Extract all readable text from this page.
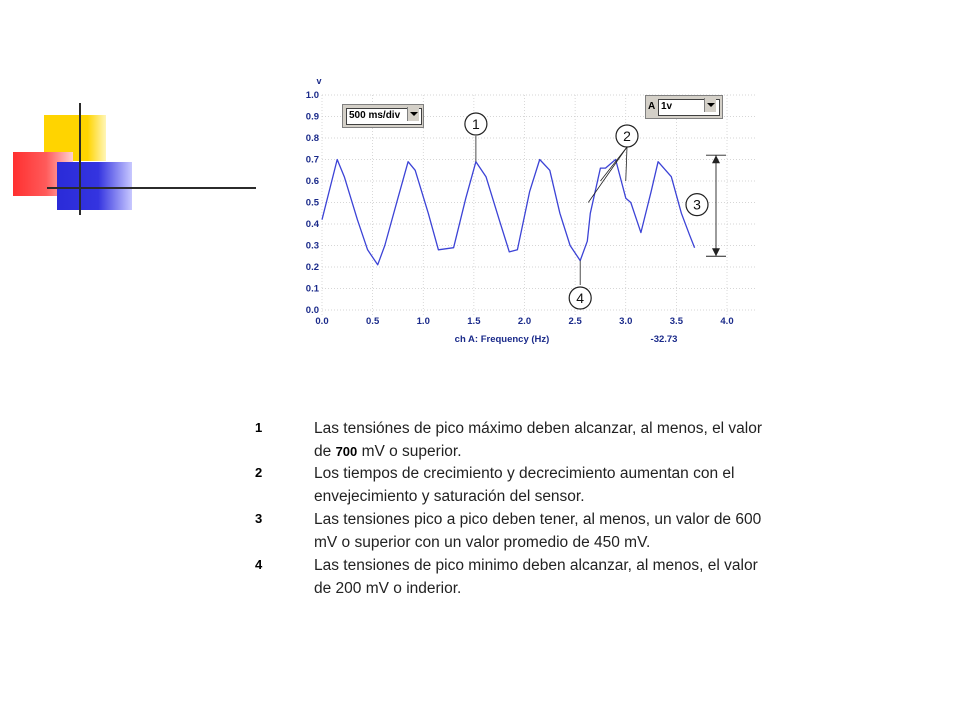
1.0
0.9
0.8
0.7
0.6
0.5
0.4
0.3
0.2
0.1
0.0
0.0	0.5	1.0	1.5	2.0	2.5	3.0	3.5	4.0
v
ch A: Frequency (Hz)	-32.73
1
2
3
4
500 ms/div
A 1v
1	Las tensiónes de pico máximo deben alcanzar, al menos, el valor de 700 mV o superior.
2	Los tiempos de crecimiento y decrecimiento aumentan con el envejecimiento y saturación del sensor.
3	Las tensiones pico a pico deben tener, al menos, un valor de 600 mV o superior con un valor promedio de 450 mV.
4	Las tensiones de pico minimo deben alcanzar, al menos, el valor de 200 mV o inderior.
